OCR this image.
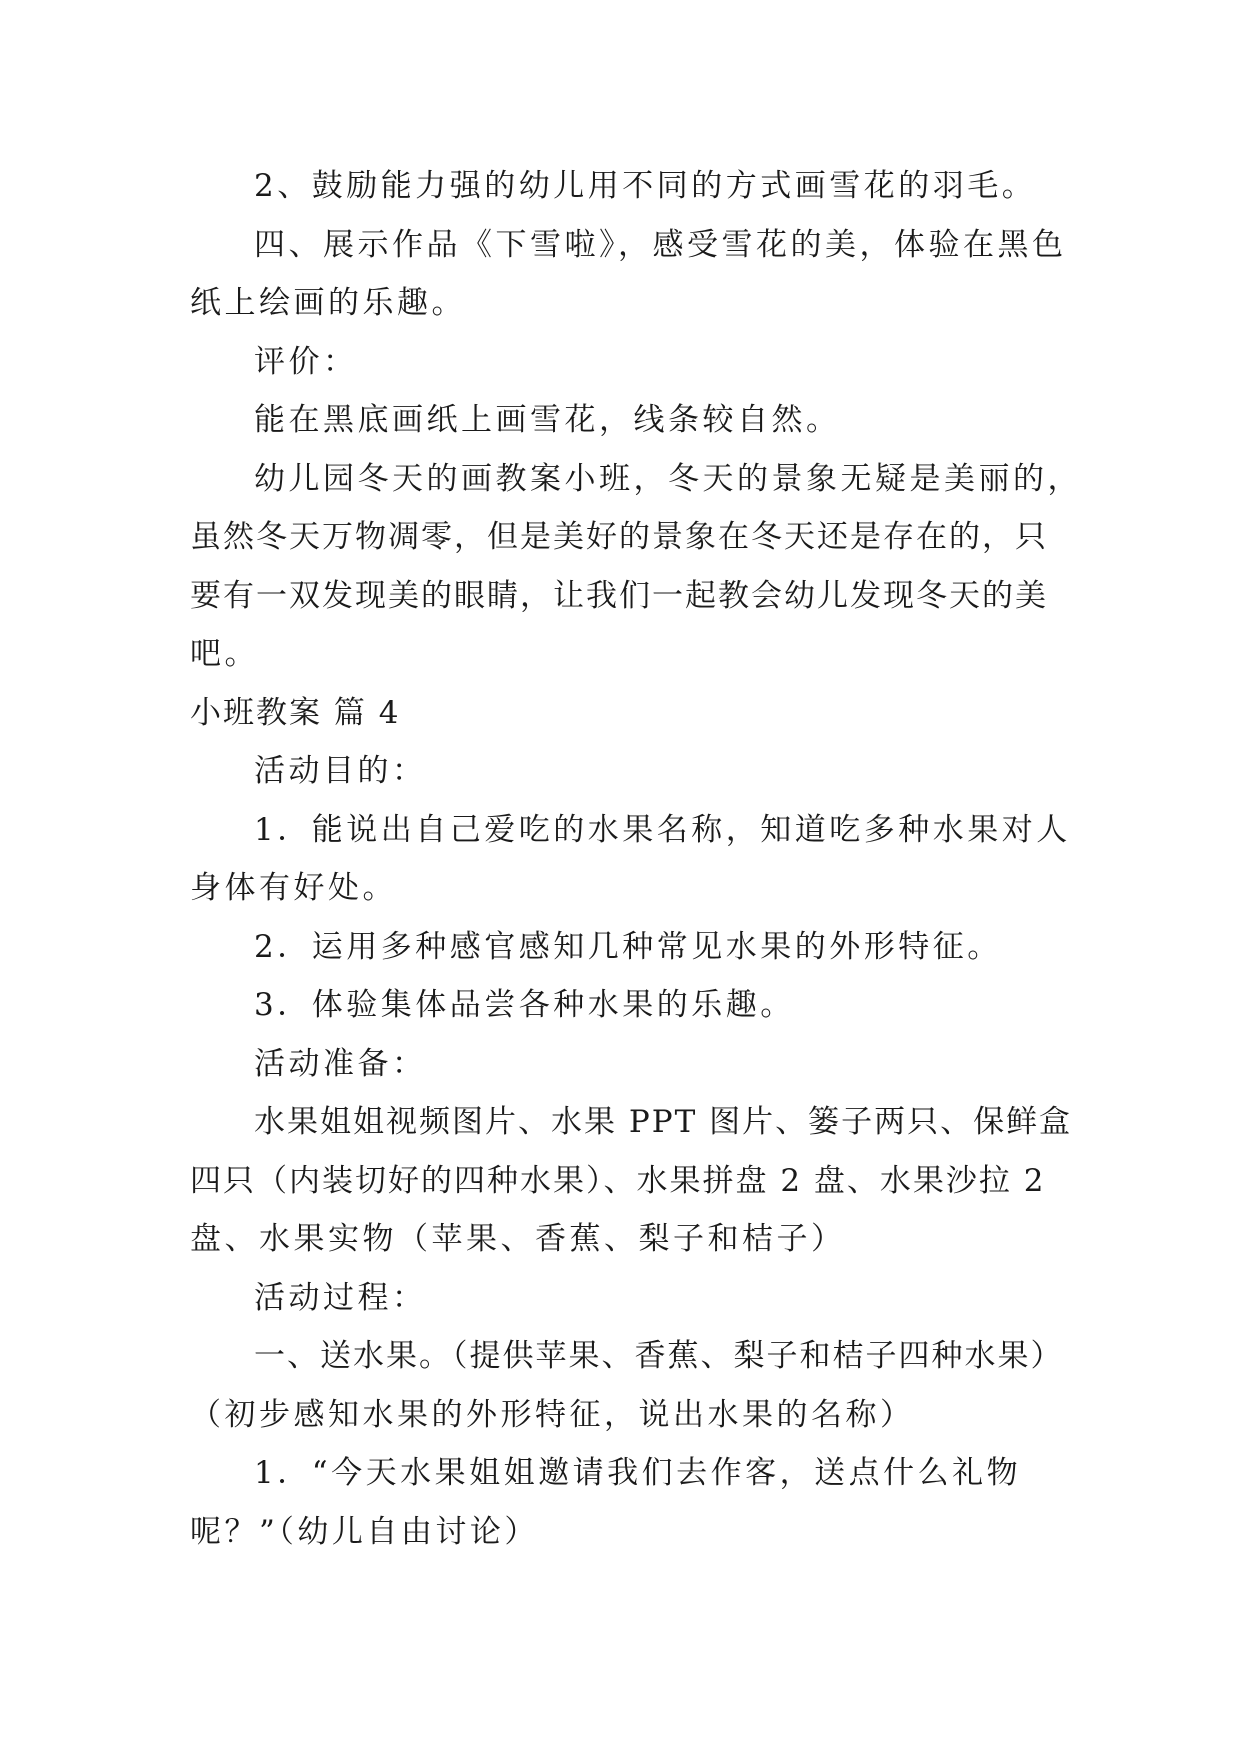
2、鼓励能力强的幼儿用不同的方式画雪花的羽毛。
四、展示作品《下雪啦》，感受雪花的美，体验在黑色
纸上绘画的乐趣。
评价：
能在黑底画纸上画雪花，线条较自然。
幼儿园冬天的画教案小班，冬天的景象无疑是美丽的，
虽然冬天万物凋零，但是美好的景象在冬天还是存在的，只
要有一双发现美的眼睛，让我们一起教会幼儿发现冬天的美
吧。
小班教案 篇 4
活动目的：
1．能说出自己爱吃的水果名称，知道吃多种水果对人
身体有好处。
2．运用多种感官感知几种常见水果的外形特征。
3．体验集体品尝各种水果的乐趣。
活动准备：
水果姐姐视频图片、水果 PPT 图片、篓子两只、保鲜盒
四只（内装切好的四种水果）、水果拼盘 2 盘、水果沙拉 2
盘、水果实物（苹果、香蕉、梨子和桔子）
活动过程：
一、送水果。（提供苹果、香蕉、梨子和桔子四种水果）
（初步感知水果的外形特征，说出水果的名称）
1．“今天水果姐姐邀请我们去作客，送点什么礼物
呢？”（幼儿自由讨论）
